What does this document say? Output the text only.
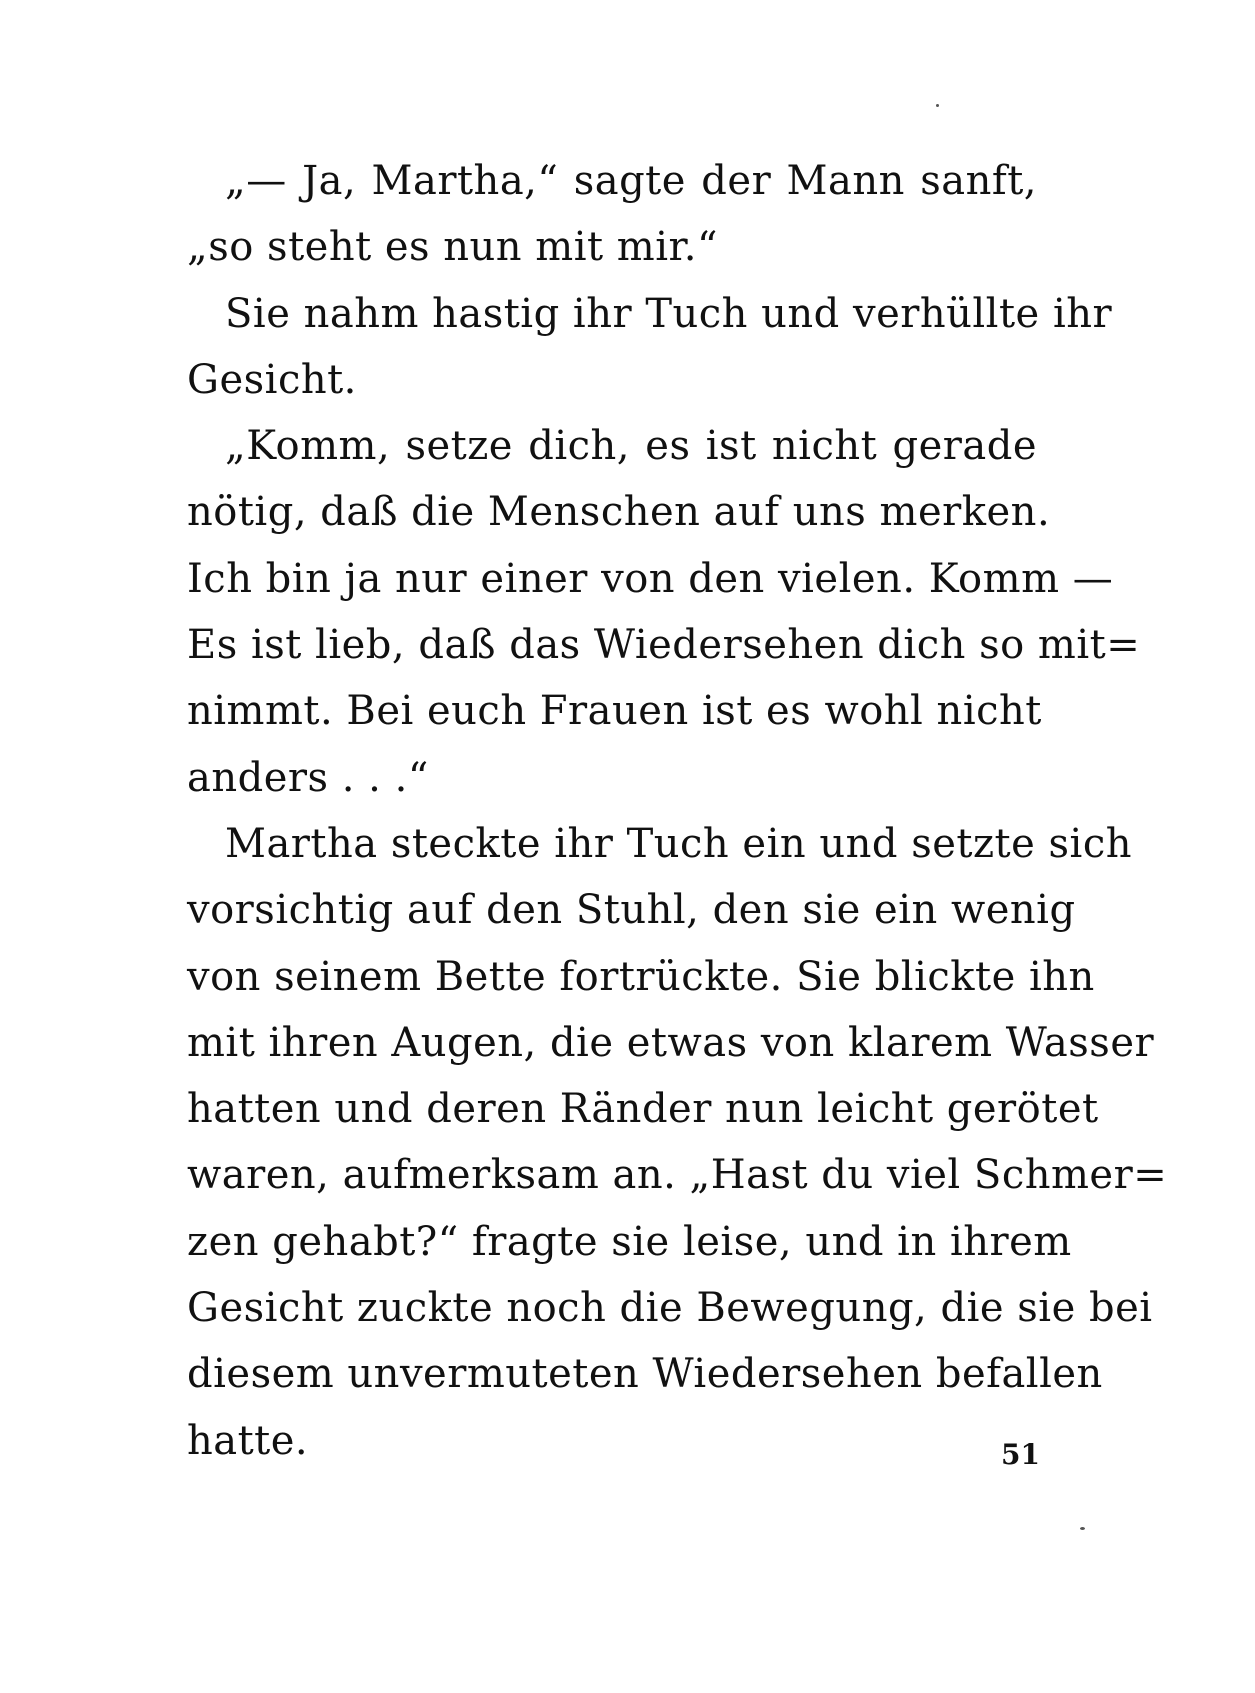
„— Ja, Martha,“ sagte der Mann sanft,
„so steht es nun mit mir.“
Sie nahm hastig ihr Tuch und verhüllte ihr
Gesicht.
„Komm, setze dich, es ist nicht gerade
nötig, daß die Menschen auf uns merken.
Ich bin ja nur einer von den vielen. Komm —
Es ist lieb, daß das Wiedersehen dich so mit=
nimmt. Bei euch Frauen ist es wohl nicht
anders . . .“
Martha steckte ihr Tuch ein und setzte sich
vorsichtig auf den Stuhl, den sie ein wenig
von seinem Bette fortrückte. Sie blickte ihn
mit ihren Augen, die etwas von klarem Wasser
hatten und deren Ränder nun leicht gerötet
waren, aufmerksam an. „Hast du viel Schmer=
zen gehabt?“ fragte sie leise, und in ihrem
Gesicht zuckte noch die Bewegung, die sie bei
diesem unvermuteten Wiedersehen befallen
hatte.	51
